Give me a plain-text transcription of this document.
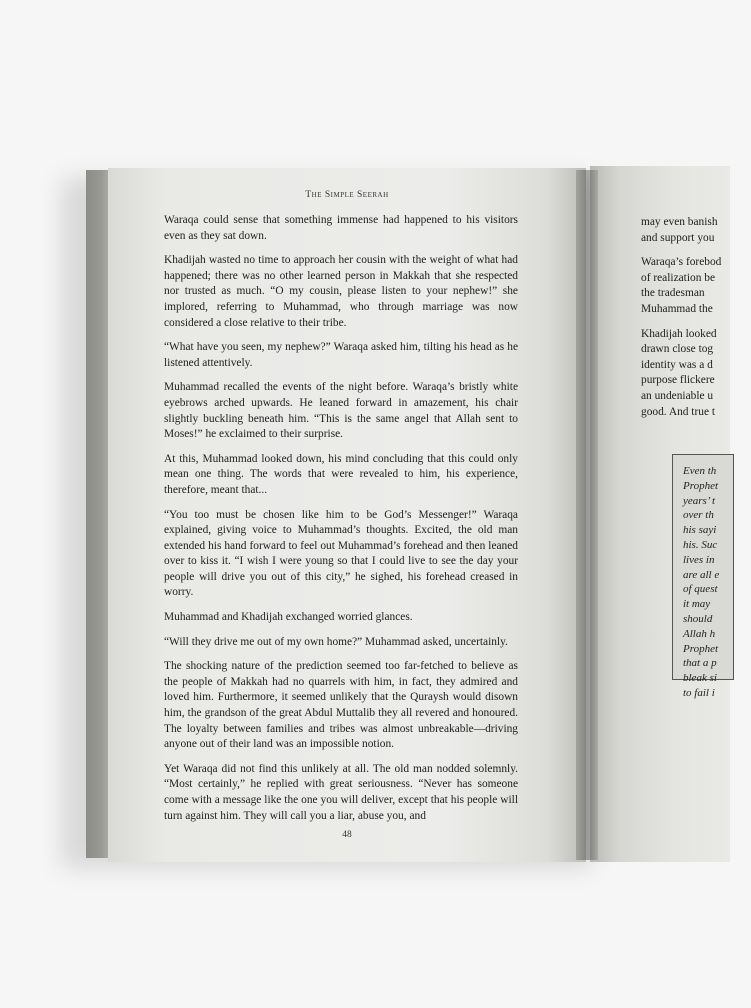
The Simple Seerah

Waraqa could sense that something immense had happened to his visitors even as they sat down.

Khadijah wasted no time to approach her cousin with the weight of what had happened; there was no other learned person in Makkah that she respected nor trusted as much. “O my cousin, please listen to your nephew!” she implored, referring to Muhammad, who through marriage was now considered a close relative to their tribe.

“What have you seen, my nephew?” Waraqa asked him, tilting his head as he listened attentively.

Muhammad recalled the events of the night before. Waraqa’s bristly white eyebrows arched upwards. He leaned forward in amazement, his chair slightly buckling beneath him. “This is the same angel that Allah sent to Moses!” he exclaimed to their surprise.

At this, Muhammad looked down, his mind concluding that this could only mean one thing. The words that were revealed to him, his experience, therefore, meant that...

“You too must be chosen like him to be God’s Messenger!” Waraqa explained, giving voice to Muhammad’s thoughts. Excited, the old man extended his hand forward to feel out Muhammad’s forehead and then leaned over to kiss it. “I wish I were young so that I could live to see the day your people will drive you out of this city,” he sighed, his forehead creased in worry.

Muhammad and Khadijah exchanged worried glances.

“Will they drive me out of my own home?” Muhammad asked, uncertainly.

The shocking nature of the prediction seemed too far-fetched to believe as the people of Makkah had no quarrels with him, in fact, they admired and loved him. Furthermore, it seemed unlikely that the Quraysh would disown him, the grandson of the great Abdul Muttalib they all revered and honoured. The loyalty between families and tribes was almost unbreakable—driving anyone out of their land was an impossible notion.

Yet Waraqa did not find this unlikely at all. The old man nodded solemnly. “Most certainly,” he replied with great seriousness. “Never has someone come with a message like the one you will deliver, except that his people will turn against him. They will call you a liar, abuse you, and

48

may even banish
and support you

Waraqa’s forebod
of realization be
the tradesman
Muhammad the

Khadijah looked
drawn close tog
identity was a d
purpose flickere
an undeniable u
good. And true t

Even th
Prophet
years’ t
over th
his sayi
his. Suc
lives in
are all e
of quest
it may
should
Allah h
Prophet
that a p
bleak si
to fail i
